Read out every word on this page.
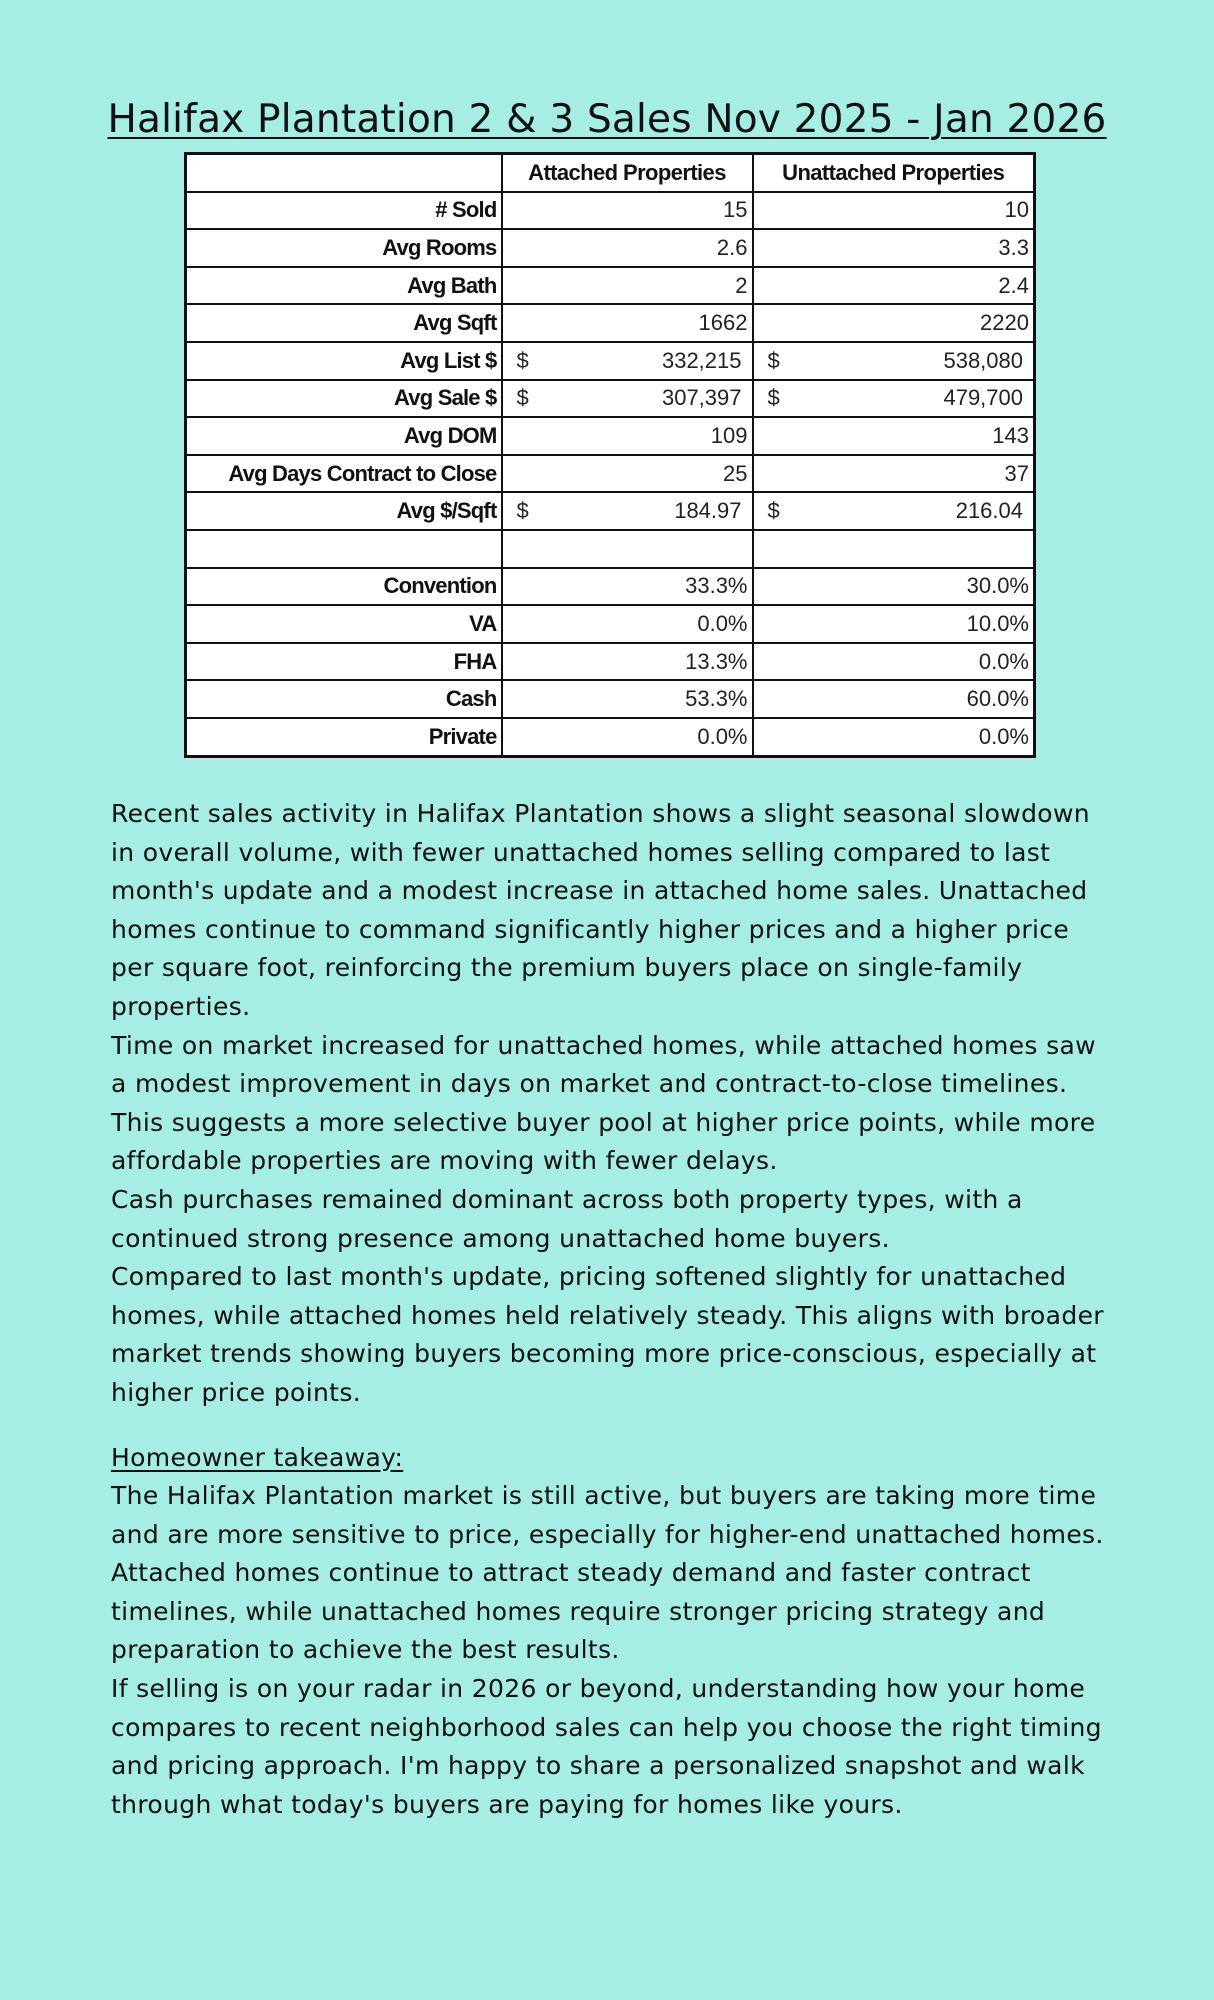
Halifax Plantation 2 & 3 Sales Nov 2025 - Jan 2026
	Attached Properties	Unattached Properties
# Sold	15	10
Avg Rooms	2.6	3.3
Avg Bath	2	2.4
Avg Sqft	1662	2220
Avg List $	$ 332,215	$ 538,080

Avg Sale $	$ 307,397	$ 479,700

Avg DOM	109	143
Avg Days Contract to Close	25	37
Avg $/Sqft	$ 184.97	$ 216.04

Convention	33.3%	30.0%
VA	0.0%	10.0%
FHA	13.3%	0.0%
Cash	53.3%	60.0%
Private	0.0%	0.0%

Recent sales activity in Halifax Plantation shows a slight seasonal slowdown in overall volume, with fewer unattached homes selling compared to last month's update and a modest increase in attached home sales. Unattached homes continue to command significantly higher prices and a higher price per square foot, reinforcing the premium buyers place on single-family properties.

Time on market increased for unattached homes, while attached homes saw a modest improvement in days on market and contract-to-close timelines. This suggests a more selective buyer pool at higher price points, while more affordable properties are moving with fewer delays.

Cash purchases remained dominant across both property types, with a continued strong presence among unattached home buyers.

Compared to last month's update, pricing softened slightly for unattached homes, while attached homes held relatively steady. This aligns with broader market trends showing buyers becoming more price-conscious, especially at higher price points.

Homeowner takeaway:

The Halifax Plantation market is still active, but buyers are taking more time and are more sensitive to price, especially for higher-end unattached homes. Attached homes continue to attract steady demand and faster contract timelines, while unattached homes require stronger pricing strategy and preparation to achieve the best results.

If selling is on your radar in 2026 or beyond, understanding how your home compares to recent neighborhood sales can help you choose the right timing and pricing approach. I'm happy to share a personalized snapshot and walk through what today's buyers are paying for homes like yours.
